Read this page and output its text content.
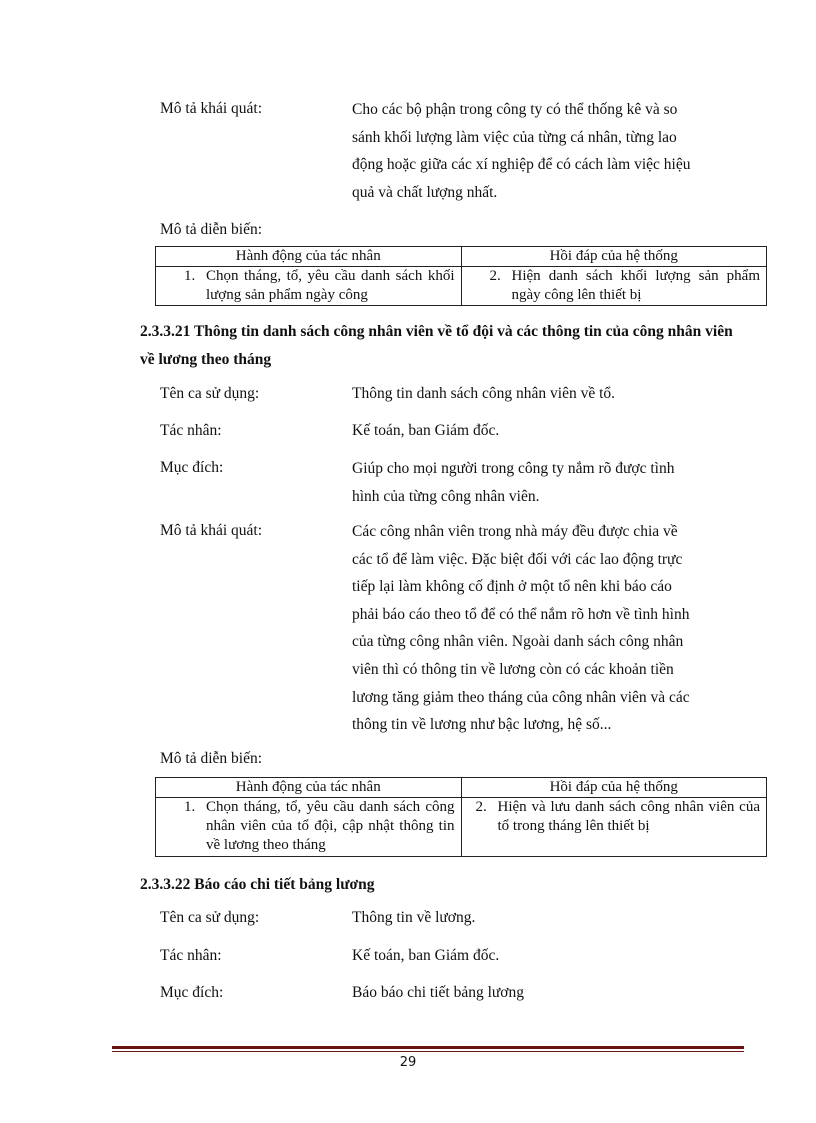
Mô tả khái quát:	Cho các bộ phận trong công ty có thể thống kê và so
sánh khối lượng làm việc của từng cá nhân, từng lao
động hoặc giữa các xí nghiệp để có cách làm việc hiệu
quả và chất lượng nhất.
Mô tả diễn biến:
Hành động của tác nhân	Hồi đáp của hệ thống

1. Chọn tháng, tổ, yêu cầu danh sách khối lượng sản phẩm ngày công	2. Hiện danh sách khối lượng sản phẩm ngày công lên thiết bị
2.3.3.21 Thông tin danh sách công nhân viên về tổ đội và các thông tin của công nhân viên về lương theo tháng
Tên ca sử dụng:	Thông tin danh sách công nhân viên về tổ.
Tác nhân:	Kế toán, ban Giám đốc.
Mục đích:	Giúp cho mọi người trong công ty nắm rõ được tình
hình của từng công nhân viên.
Mô tả khái quát:	Các công nhân viên trong nhà máy đều được chia về
các tổ để làm việc. Đặc biệt đối với các lao động trực
tiếp lại làm không cố định ở một tổ nên khi báo cáo
phải báo cáo theo tổ để có thể nắm rõ hơn về tình hình
của từng công nhân viên. Ngoài danh sách công nhân
viên thì có thông tin về lương còn có các khoản tiền
lương tăng giảm theo tháng của công nhân viên và các
thông tin về lương như bậc lương, hệ số...
Mô tả diễn biến:
Hành động của tác nhân	Hồi đáp của hệ thống

1. Chọn tháng, tổ, yêu cầu danh sách công nhân viên của tổ đội, cập nhật thông tin về lương theo tháng	2. Hiện và lưu danh sách công nhân viên của tổ trong tháng lên thiết bị
2.3.3.22 Báo cáo chi tiết bảng lương
Tên ca sử dụng:	Thông tin về lương.
Tác nhân:	Kế toán, ban Giám đốc.
Mục đích:	Báo báo chi tiết bảng lương
29
